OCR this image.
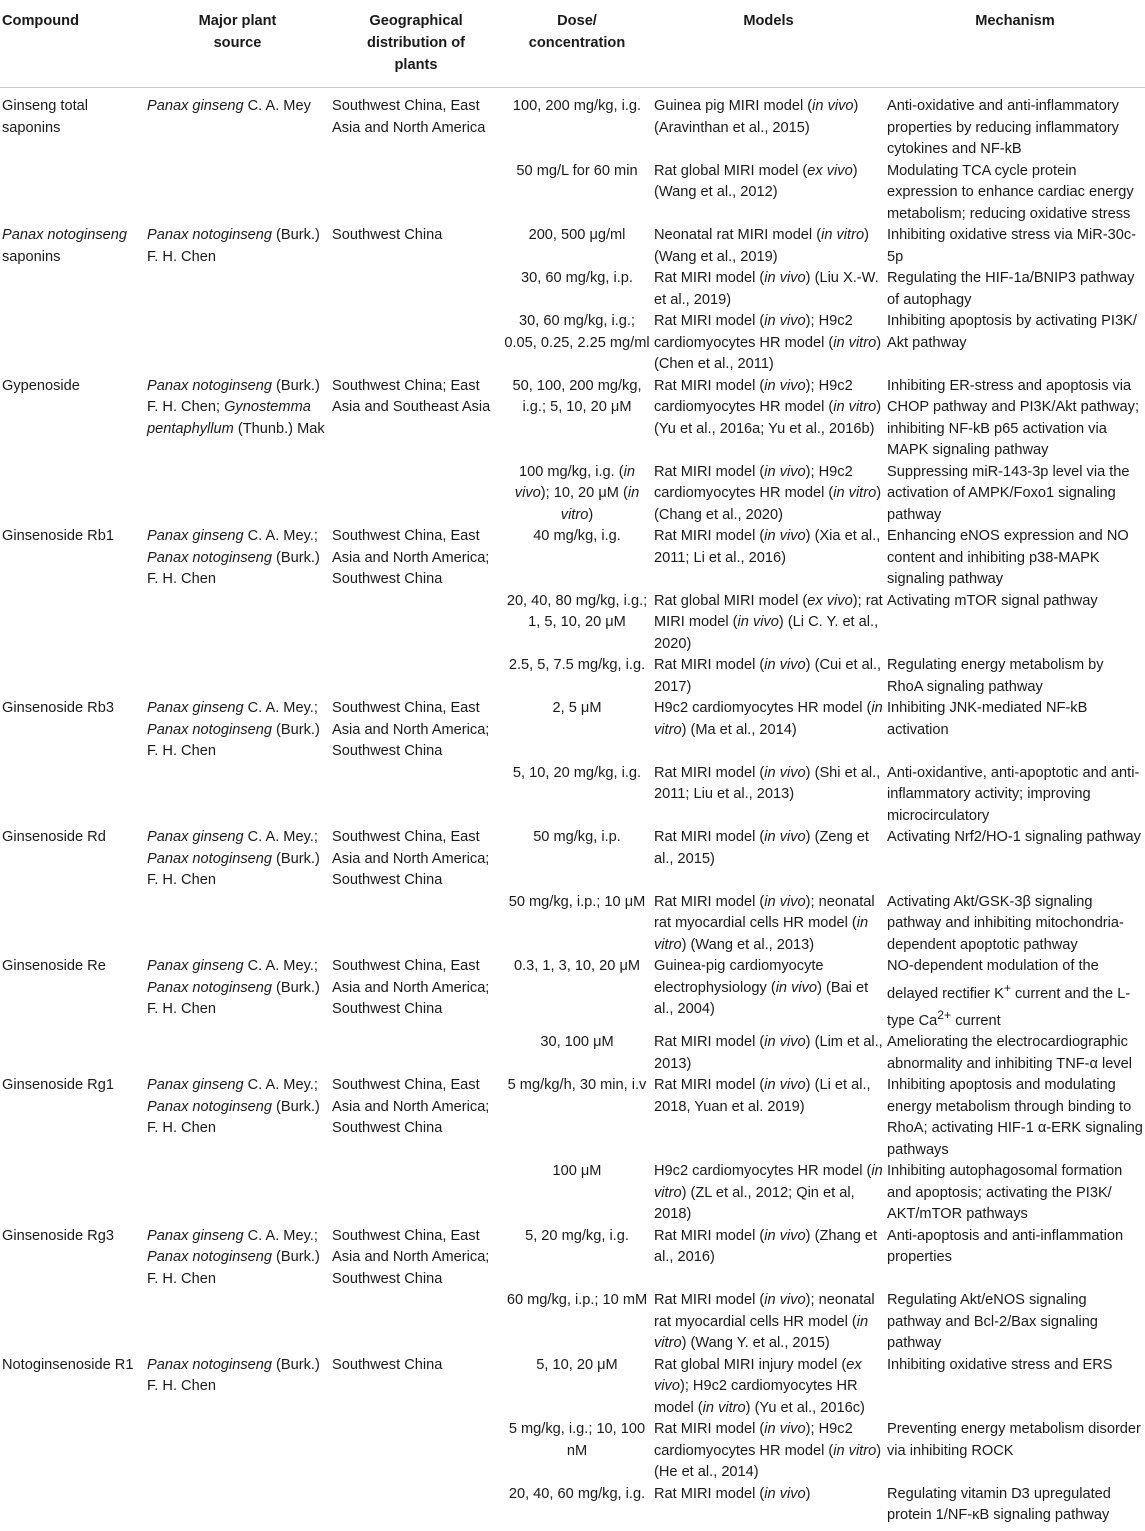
Compound	Major plant source	Geographical distribution of plants	Dose/ concentration	Models	Mechanism
Ginseng total saponins	Panax ginseng C. A. Mey	Southwest China, East Asia and North America	100, 200 mg/kg, i.g.	Guinea pig MIRI model (in vivo) (Aravinthan et al., 2015)	Anti-oxidative and anti-inflammatory properties by reducing inflammatory cytokines and NF-kB
			50 mg/L for 60 min	Rat global MIRI model (ex vivo) (Wang et al., 2012)	Modulating TCA cycle protein expression to enhance cardiac energy metabolism; reducing oxidative stress
Panax notoginseng saponins	Panax notoginseng (Burk.) F. H. Chen	Southwest China	200, 500 μg/ml	Neonatal rat MIRI model (in vitro) (Wang et al., 2019)	Inhibiting oxidative stress via MiR-30c-5p
			30, 60 mg/kg, i.p.	Rat MIRI model (in vivo) (Liu X.-W. et al., 2019)	Regulating the HIF-1a/BNIP3 pathway of autophagy
			30, 60 mg/kg, i.g.; 0.05, 0.25, 2.25 mg/ml	Rat MIRI model (in vivo); H9c2 cardiomyocytes HR model (in vitro) (Chen et al., 2011)	Inhibiting apoptosis by activating PI3K/ Akt pathway
Gypenoside	Panax notoginseng (Burk.) F. H. Chen; Gynostemma pentaphyllum (Thunb.) Mak	Southwest China; East Asia and Southeast Asia	50, 100, 200 mg/kg, i.g.; 5, 10, 20 μM	Rat MIRI model (in vivo); H9c2 cardiomyocytes HR model (in vitro) (Yu et al., 2016a; Yu et al., 2016b)	Inhibiting ER-stress and apoptosis via CHOP pathway and PI3K/Akt pathway; inhibiting NF-kB p65 activation via MAPK signaling pathway
			100 mg/kg, i.g. (in vivo); 10, 20 μM (in vitro)	Rat MIRI model (in vivo); H9c2 cardiomyocytes HR model (in vitro) (Chang et al., 2020)	Suppressing miR-143-3p level via the activation of AMPK/Foxo1 signaling pathway
Ginsenoside Rb1	Panax ginseng C. A. Mey.; Panax notoginseng (Burk.) F. H. Chen	Southwest China, East Asia and North America; Southwest China	40 mg/kg, i.g.	Rat MIRI model (in vivo) (Xia et al., 2011; Li et al., 2016)	Enhancing eNOS expression and NO content and inhibiting p38-MAPK signaling pathway
			20, 40, 80 mg/kg, i.g.; 1, 5, 10, 20 μM	Rat global MIRI model (ex vivo); rat MIRI model (in vivo) (Li C. Y. et al., 2020)	Activating mTOR signal pathway
			2.5, 5, 7.5 mg/kg, i.g.	Rat MIRI model (in vivo) (Cui et al., 2017)	Regulating energy metabolism by RhoA signaling pathway
Ginsenoside Rb3	Panax ginseng C. A. Mey.; Panax notoginseng (Burk.) F. H. Chen	Southwest China, East Asia and North America; Southwest China	2, 5 μM	H9c2 cardiomyocytes HR model (in vitro) (Ma et al., 2014)	Inhibiting JNK-mediated NF-kB activation
			5, 10, 20 mg/kg, i.g.	Rat MIRI model (in vivo) (Shi et al., 2011; Liu et al., 2013)	Anti-oxidantive, anti-apoptotic and anti-inflammatory activity; improving microcirculatory
Ginsenoside Rd	Panax ginseng C. A. Mey.; Panax notoginseng (Burk.) F. H. Chen	Southwest China, East Asia and North America; Southwest China	50 mg/kg, i.p.	Rat MIRI model (in vivo) (Zeng et al., 2015)	Activating Nrf2/HO-1 signaling pathway
			50 mg/kg, i.p.; 10 μM	Rat MIRI model (in vivo); neonatal rat myocardial cells HR model (in vitro) (Wang et al., 2013)	Activating Akt/GSK-3β signaling pathway and inhibiting mitochondria-dependent apoptotic pathway
Ginsenoside Re	Panax ginseng C. A. Mey.; Panax notoginseng (Burk.) F. H. Chen	Southwest China, East Asia and North America; Southwest China	0.3, 1, 3, 10, 20 μM	Guinea-pig cardiomyocyte electrophysiology (in vivo) (Bai et al., 2004)	NO-dependent modulation of the delayed rectifier K+ current and the L-type $Ca^{2+}$ current
			30, 100 μM	Rat MIRI model (in vivo) (Lim et al., 2013)	Ameliorating the electrocardiographic abnormality and inhibiting TNF-α level
Ginsenoside Rg1	Panax ginseng C. A. Mey.; Panax notoginseng (Burk.) F. H. Chen	Southwest China, East Asia and North America; Southwest China	5 mg/kg/h, 30 min, i.v	Rat MIRI model (in vivo) (Li et al., 2018, Yuan et al. 2019)	Inhibiting apoptosis and modulating energy metabolism through binding to RhoA; activating HIF-1 α-ERK signaling pathways
			100 μM	H9c2 cardiomyocytes HR model (in vitro) (ZL et al., 2012; Qin et al, 2018)	Inhibiting autophagosomal formation and apoptosis; activating the PI3K/ AKT/mTOR pathways
Ginsenoside Rg3	Panax ginseng C. A. Mey.; Panax notoginseng (Burk.) F. H. Chen	Southwest China, East Asia and North America; Southwest China	5, 20 mg/kg, i.g.	Rat MIRI model (in vivo) (Zhang et al., 2016)	Anti-apoptosis and anti-inflammation properties
			60 mg/kg, i.p.; 10 mM	Rat MIRI model (in vivo); neonatal rat myocardial cells HR model (in vitro) (Wang Y. et al., 2015)	Regulating Akt/eNOS signaling pathway and Bcl-2/Bax signaling pathway
Notoginsenoside R1	Panax notoginseng (Burk.) F. H. Chen	Southwest China	5, 10, 20 μM	Rat global MIRI injury model (ex vivo); H9c2 cardiomyocytes HR model (in vitro) (Yu et al., 2016c)	Inhibiting oxidative stress and ERS
			5 mg/kg, i.g.; 10, 100 nM	Rat MIRI model (in vivo); H9c2 cardiomyocytes HR model (in vitro) (He et al., 2014)	Preventing energy metabolism disorder via inhibiting ROCK
			20, 40, 60 mg/kg, i.g.	Rat MIRI model (in vivo)	Regulating vitamin D3 upregulated protein 1/NF-κB signaling pathway
